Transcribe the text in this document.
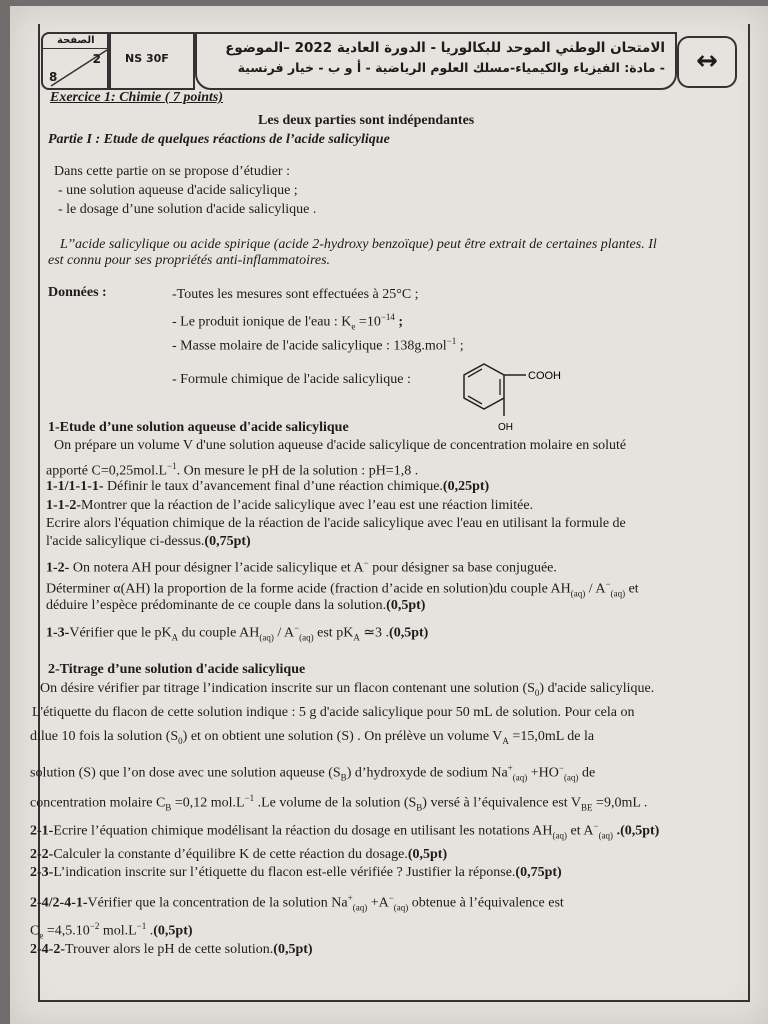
الصفحة
2
8
NS 30F
الامتحان الوطني الموحد للبكالوريا - الدورة العادية 2022 –الموضوع
- مادة: الفيزياء والكيمياء-مسلك العلوم الرياضية - أ و ب - خيار فرنسية	↔
Exercice 1: Chimie ( 7 points)
Les deux parties sont indépendantes
Partie I : Etude de quelques réactions de l’acide salicylique
Dans cette partie on se propose d’étudier :
- une solution aqueuse d'acide salicylique ;
- le dosage d’une solution d'acide salicylique .
L’’acide salicylique ou acide spirique (acide 2-hydroxy benzoïque) peut être extrait de certaines plantes. Il
est connu pour ses propriétés anti-inflammatoires.
Données :	-Toutes les mesures sont effectuées à 25°C ;
- Le produit ionique de l'eau : $K_e =10^{-14}$ ;
- Masse molaire de l'acide salicylique : 138g.mol$^{-1}$ ;
- Formule chimique de l'acide salicylique :	COOH
OH
1-Etude d’une solution aqueuse d'acide salicylique
On prépare un volume V d'une solution aqueuse d'acide salicylique de concentration molaire en soluté
apporté $C=0,25mol.L^{-1}$. On mesure le pH de la solution : pH=1,8 .
1-1/1-1-1- Définir le taux d’avancement final d’une réaction chimique.(0,25pt)
1-1-2-Montrer que la réaction de l’acide salicylique avec l’eau est une réaction limitée.
Ecrire alors l'équation chimique de la réaction de l'acide salicylique avec l'eau en utilisant la formule de
l'acide salicylique ci-dessus.(0,75pt)
1-2- On notera AH pour désigner l’acide salicylique et A− pour désigner sa base conjuguée.
Déterminer α(AH) la proportion de la forme acide (fraction d’acide en solution)du couple $AH_{(aq)} / A^-_{(aq)}$ et
déduire l’espèce prédominante de ce couple dans la solution.(0,5pt)
1-3-Vérifier que le $pK_A$ du couple $AH_{(aq)} / A^-_{(aq)}$ est $pK_A$ ≃3 .(0,5pt)
2-Titrage d’une solution d'acide salicylique
On désire vérifier par titrage l’indication inscrite sur un flacon contenant une solution $(S_0)$ d'acide salicylique.
L'étiquette du flacon de cette solution indique : 5 g d'acide salicylique pour 50 mL de solution. Pour cela on
dilue 10 fois la solution $(S_0)$ et on obtient une solution (S) . On prélève un volume $V_A =15,0mL$ de la
solution (S) que l’on dose avec une solution aqueuse $(S_B)$ d’hydroxyde de sodium $Na^+_{(aq)} +HO^-_{(aq)}$ de
concentration molaire $C_B =0,12$ $mol.L^{-1}$ .Le volume de la solution $(S_B)$ versé à l’équivalence est $V_{BE} =9,0mL$ .
2-1-Ecrire l’équation chimique modélisant la réaction du dosage en utilisant les notations $AH_{(aq)}$ et $A^-_{(aq)}$ .(0,5pt)
2-2-Calculer la constante d’équilibre K de cette réaction du dosage.(0,5pt)
2-3-L’indication inscrite sur l’étiquette du flacon est-elle vérifiée ? Justifier la réponse.(0,75pt)
2-4/2-4-1-Vérifier que la concentration de la solution $Na^+_{(aq)} +A^-_{(aq)}$ obtenue à l’équivalence est
$C_e =4,5.10^{-2}$ $mol.L^{-1}$ .(0,5pt)
2-4-2-Trouver alors le pH de cette solution.(0,5pt)
